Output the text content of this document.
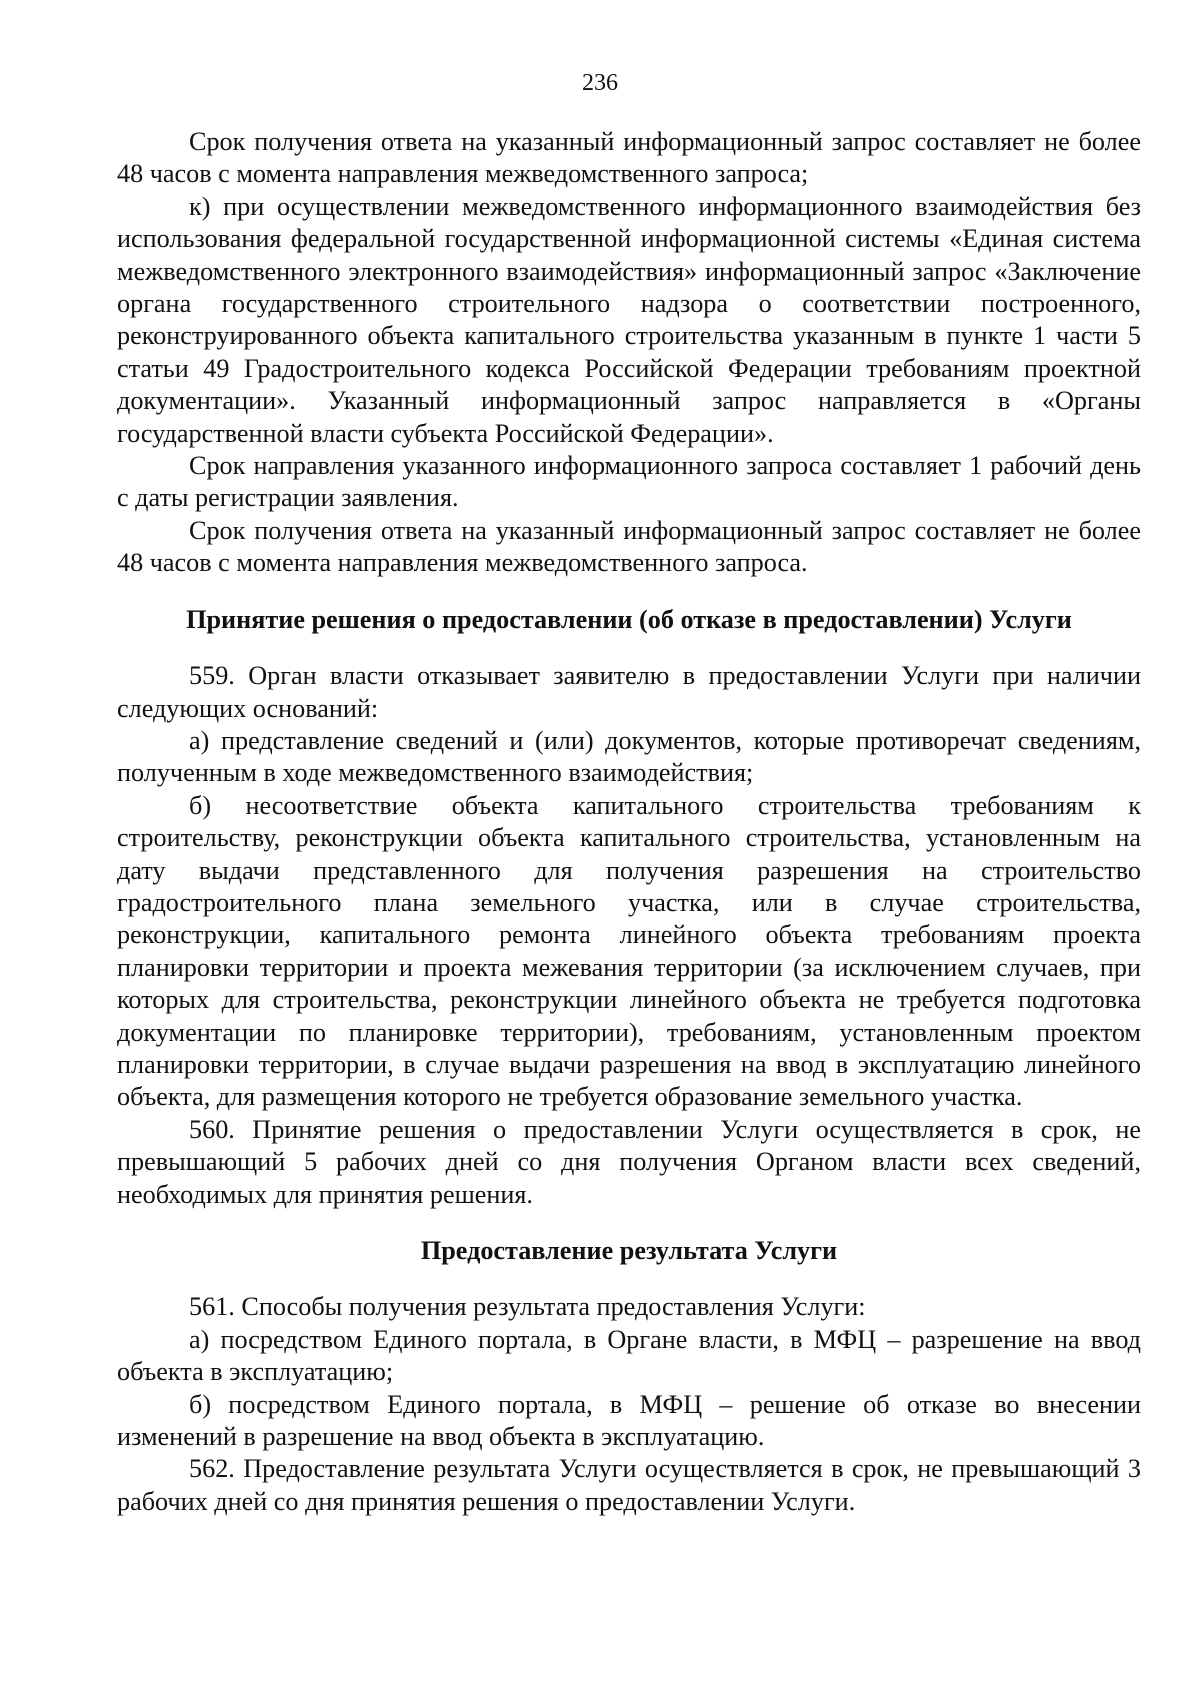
236

Срок получения ответа на указанный информационный запрос составляет не более 48 часов с момента направления межведомственного запроса;

к) при осуществлении межведомственного информационного взаимодействия без использования федеральной государственной информационной системы «Единая система межведомственного электронного взаимодействия» информационный запрос «Заключение органа государственного строительного надзора о соответствии построенного, реконструированного объекта капитального строительства указанным в пункте 1 части 5 статьи 49 Градостроительного кодекса Российской Федерации требованиям проектной документации». Указанный информационный запрос направляется в «Органы государственной власти субъекта Российской Федерации».

Срок направления указанного информационного запроса составляет 1 рабочий день с даты регистрации заявления.

Срок получения ответа на указанный информационный запрос составляет не более 48 часов с момента направления межведомственного запроса.

Принятие решения о предоставлении (об отказе в предоставлении) Услуги

559. Орган власти отказывает заявителю в предоставлении Услуги при наличии следующих оснований:

а) представление сведений и (или) документов, которые противоречат сведениям, полученным в ходе межведомственного взаимодействия;

б) несоответствие объекта капитального строительства требованиям к строительству, реконструкции объекта капитального строительства, установленным на дату выдачи представленного для получения разрешения на строительство градостроительного плана земельного участка, или в случае строительства, реконструкции, капитального ремонта линейного объекта требованиям проекта планировки территории и проекта межевания территории (за исключением случаев, при которых для строительства, реконструкции линейного объекта не требуется подготовка документации по планировке территории), требованиям, установленным проектом планировки территории, в случае выдачи разрешения на ввод в эксплуатацию линейного объекта, для размещения которого не требуется образование земельного участка.

560. Принятие решения о предоставлении Услуги осуществляется в срок, не превышающий 5 рабочих дней со дня получения Органом власти всех сведений, необходимых для принятия решения.

Предоставление результата Услуги

561. Способы получения результата предоставления Услуги:

а) посредством Единого портала, в Органе власти, в МФЦ – разрешение на ввод объекта в эксплуатацию;

б) посредством Единого портала, в МФЦ – решение об отказе во внесении изменений в разрешение на ввод объекта в эксплуатацию.

562. Предоставление результата Услуги осуществляется в срок, не превышающий 3 рабочих дней со дня принятия решения о предоставлении Услуги.
